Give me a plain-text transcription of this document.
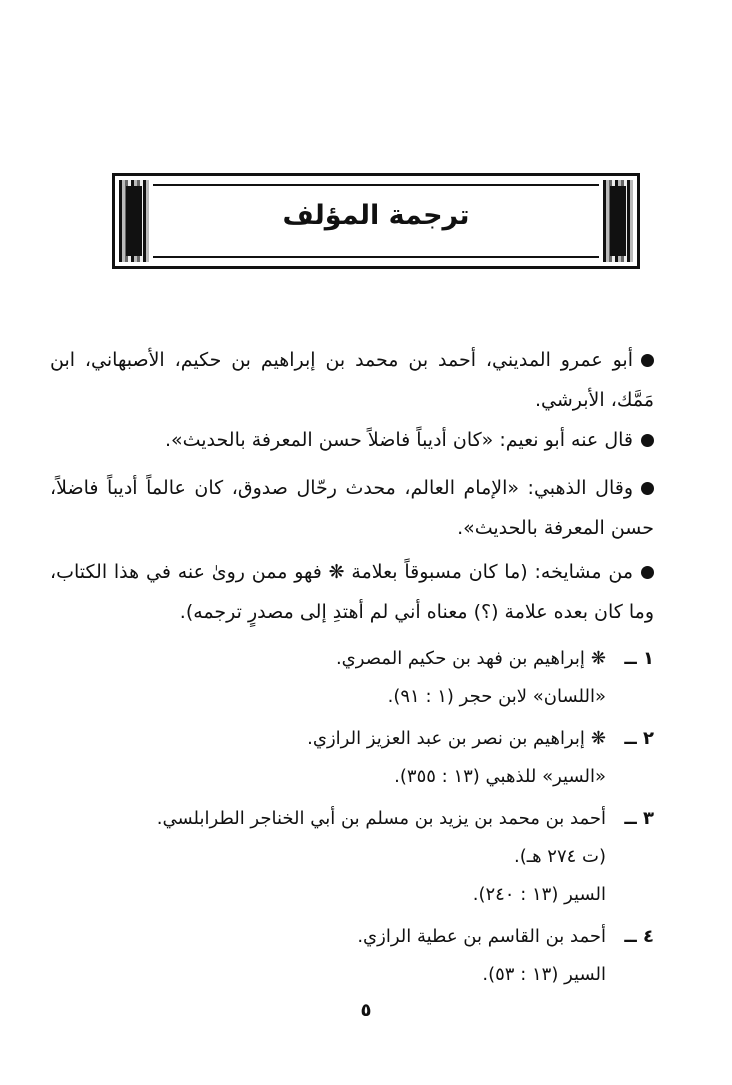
ترجمة المؤلف
أبو عمرو المديني، أحمد بن محمد بن إبراهيم بن حكيم، الأصبهاني، ابن مَمَّك، الأبرشي.
قال عنه أبو نعيم: «كان أديباً فاضلاً حسن المعرفة بالحديث».
وقال الذهبي: «الإمام العالم، محدث رحّال صدوق، كان عالماً أديباً فاضلاً، حسن المعرفة بالحديث».
من مشايخه: (ما كان مسبوقاً بعلامة ❋ فهو ممن روىٰ عنه في هذا الكتاب، وما كان بعده علامة (؟) معناه أني لم أهتدِ إلى مصدرٍ ترجمه).
١ ــ❋إبراهيم بن فهد بن حكيم المصري.
«اللسان» لابن حجر (١ : ٩١).
٢ ــ❋إبراهيم بن نصر بن عبد العزيز الرازي.
«السير» للذهبي (١٣ : ٣٥٥).
٣ ــأحمد بن محمد بن يزيد بن مسلم بن أبي الخناجر الطرابلسي.
(ت ٢٧٤ هـ).
السير (١٣ : ٢٤٠).
٤ ــأحمد بن القاسم بن عطية الرازي.
السير (١٣ : ٥٣).
٥
